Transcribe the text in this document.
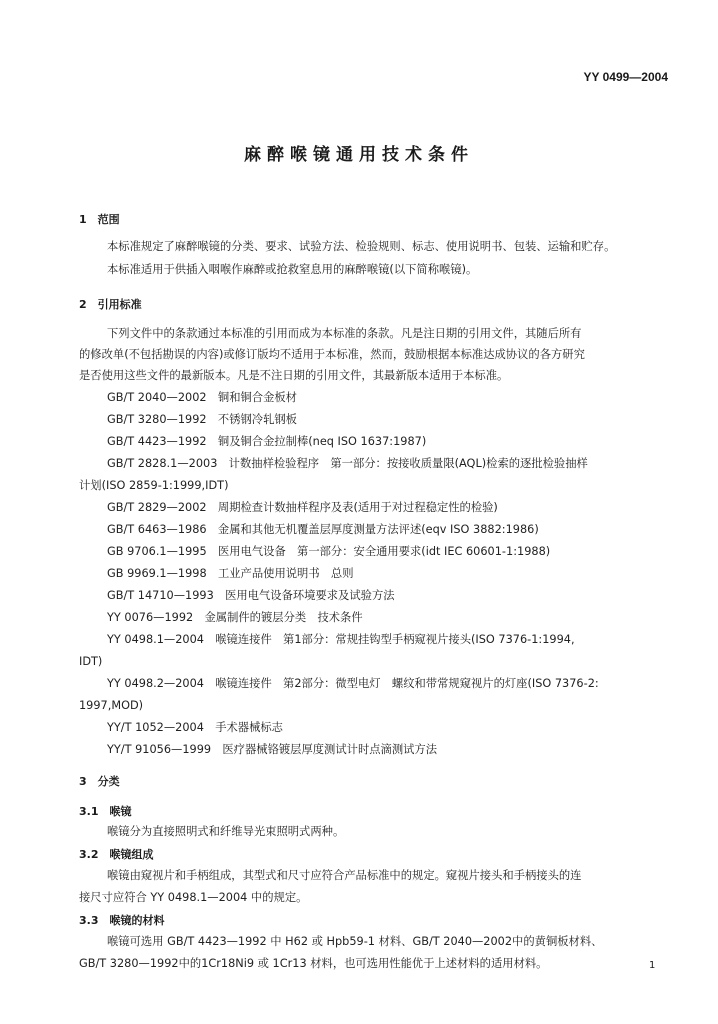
YY 0499—2004
麻醉喉镜通用技术条件
1　范围
本标准规定了麻醉喉镜的分类、要求、试验方法、检验规则、标志、使用说明书、包装、运输和贮存。
本标准适用于供插入咽喉作麻醉或抢救窒息用的麻醉喉镜(以下简称喉镜)。
2　引用标准
下列文件中的条款通过本标准的引用而成为本标准的条款。凡是注日期的引用文件，其随后所有
的修改单(不包括勘误的内容)或修订版均不适用于本标准，然而，鼓励根据本标准达成协议的各方研究
是否使用这些文件的最新版本。凡是不注日期的引用文件，其最新版本适用于本标准。
GB/T 2040—2002　铜和铜合金板材
GB/T 3280—1992　不锈钢冷轧钢板
GB/T 4423—1992　铜及铜合金拉制棒(neq ISO 1637:1987)
GB/T 2828.1—2003　计数抽样检验程序　第一部分：按接收质量限(AQL)检索的逐批检验抽样
计划(ISO 2859-1:1999,IDT)
GB/T 2829—2002　周期检查计数抽样程序及表(适用于对过程稳定性的检验)
GB/T 6463—1986　金属和其他无机覆盖层厚度测量方法评述(eqv ISO 3882:1986)
GB 9706.1—1995　医用电气设备　第一部分：安全通用要求(idt IEC 60601-1:1988)
GB 9969.1—1998　工业产品使用说明书　总则
GB/T 14710—1993　医用电气设备环境要求及试验方法
YY 0076—1992　金属制件的镀层分类　技术条件
YY 0498.1—2004　喉镜连接件　第1部分：常规挂钩型手柄窥视片接头(ISO 7376-1:1994,
IDT)
YY 0498.2—2004　喉镜连接件　第2部分：微型电灯　螺纹和带常规窥视片的灯座(ISO 7376-2:
1997,MOD)
YY/T 1052—2004　手术器械标志
YY/T 91056—1999　医疗器械铬镀层厚度测试计时点滴测试方法
3　分类
3.1　喉镜
喉镜分为直接照明式和纤维导光束照明式两种。
3.2　喉镜组成
喉镜由窥视片和手柄组成，其型式和尺寸应符合产品标准中的规定。窥视片接头和手柄接头的连
接尺寸应符合 YY 0498.1—2004 中的规定。
3.3　喉镜的材料
喉镜可选用 GB/T 4423—1992 中 H62 或 Hpb59-1 材料、GB/T 2040—2002中的黄铜板材料、
GB/T 3280—1992中的1Cr18Ni9 或 1Cr13 材料，也可选用性能优于上述材料的适用材料。	1
